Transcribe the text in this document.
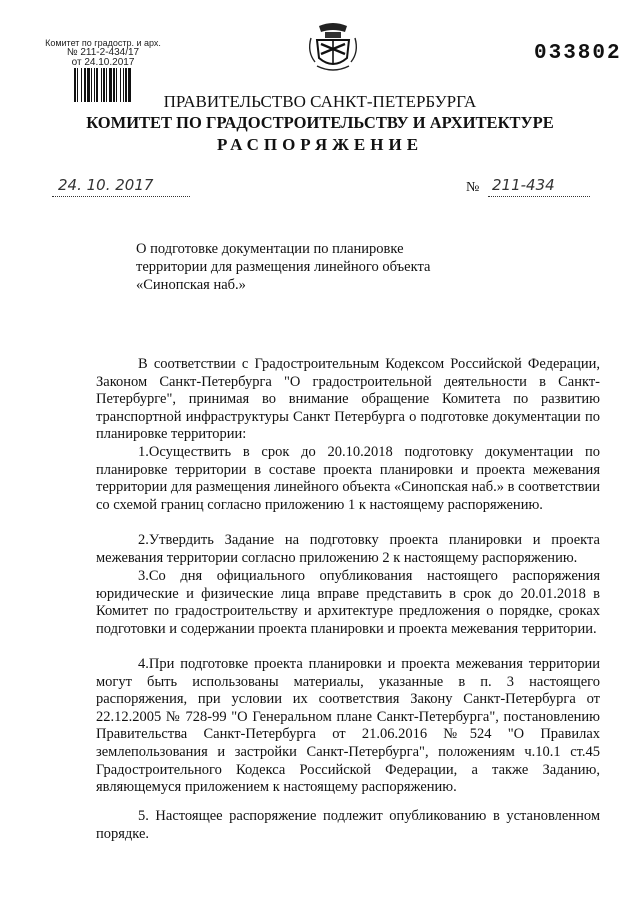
Комитет по градостр. и арх.
№ 211-2-434/17
от 24.10.2017	033802
ПРАВИТЕЛЬСТВО САНКТ-ПЕТЕРБУРГА
КОМИТЕТ ПО ГРАДОСТРОИТЕЛЬСТВУ И АРХИТЕКТУРЕ
РАСПОРЯЖЕНИЕ
24. 10. 2017	№ 211-434
О подготовке документации по планировке
территории для размещения линейного объекта
«Синопская наб.»

В соответствии с Градостроительным Кодексом Российской Федерации, Законом Санкт-Петербурга "О градостроительной деятельности в Санкт-Петербурге", принимая во внимание обращение Комитета по развитию транспортной инфраструктуры Санкт Петербурга о подготовке документации по планировке территории:

1.Осуществить в срок до 20.10.2018 подготовку документации по планировке территории в составе проекта планировки и проекта межевания территории для размещения линейного объекта «Синопская наб.» в соответствии со схемой границ согласно приложению 1 к настоящему распоряжению.

2.Утвердить Задание на подготовку проекта планировки и проекта межевания территории согласно приложению 2 к настоящему распоряжению.

3.Со дня официального опубликования настоящего распоряжения юридические и физические лица вправе представить в срок до 20.01.2018 в Комитет по градостроительству и архитектуре предложения о порядке, сроках подготовки и содержании проекта планировки и проекта межевания территории.

4.При подготовке проекта планировки и проекта межевания территории могут быть использованы материалы, указанные в п. 3 настоящего распоряжения, при условии их соответствия Закону Санкт-Петербурга от 22.12.2005 № 728-99 "О Генеральном плане Санкт-Петербурга", постановлению Правительства Санкт-Петербурга от 21.06.2016 №524 "О Правилах землепользования и застройки Санкт-Петербурга", положениям ч.10.1 ст.45 Градостроительного Кодекса Российской Федерации, а также Заданию, являющемуся приложением к настоящему распоряжению.

5. Настоящее распоряжение подлежит опубликованию в установленном порядке.
